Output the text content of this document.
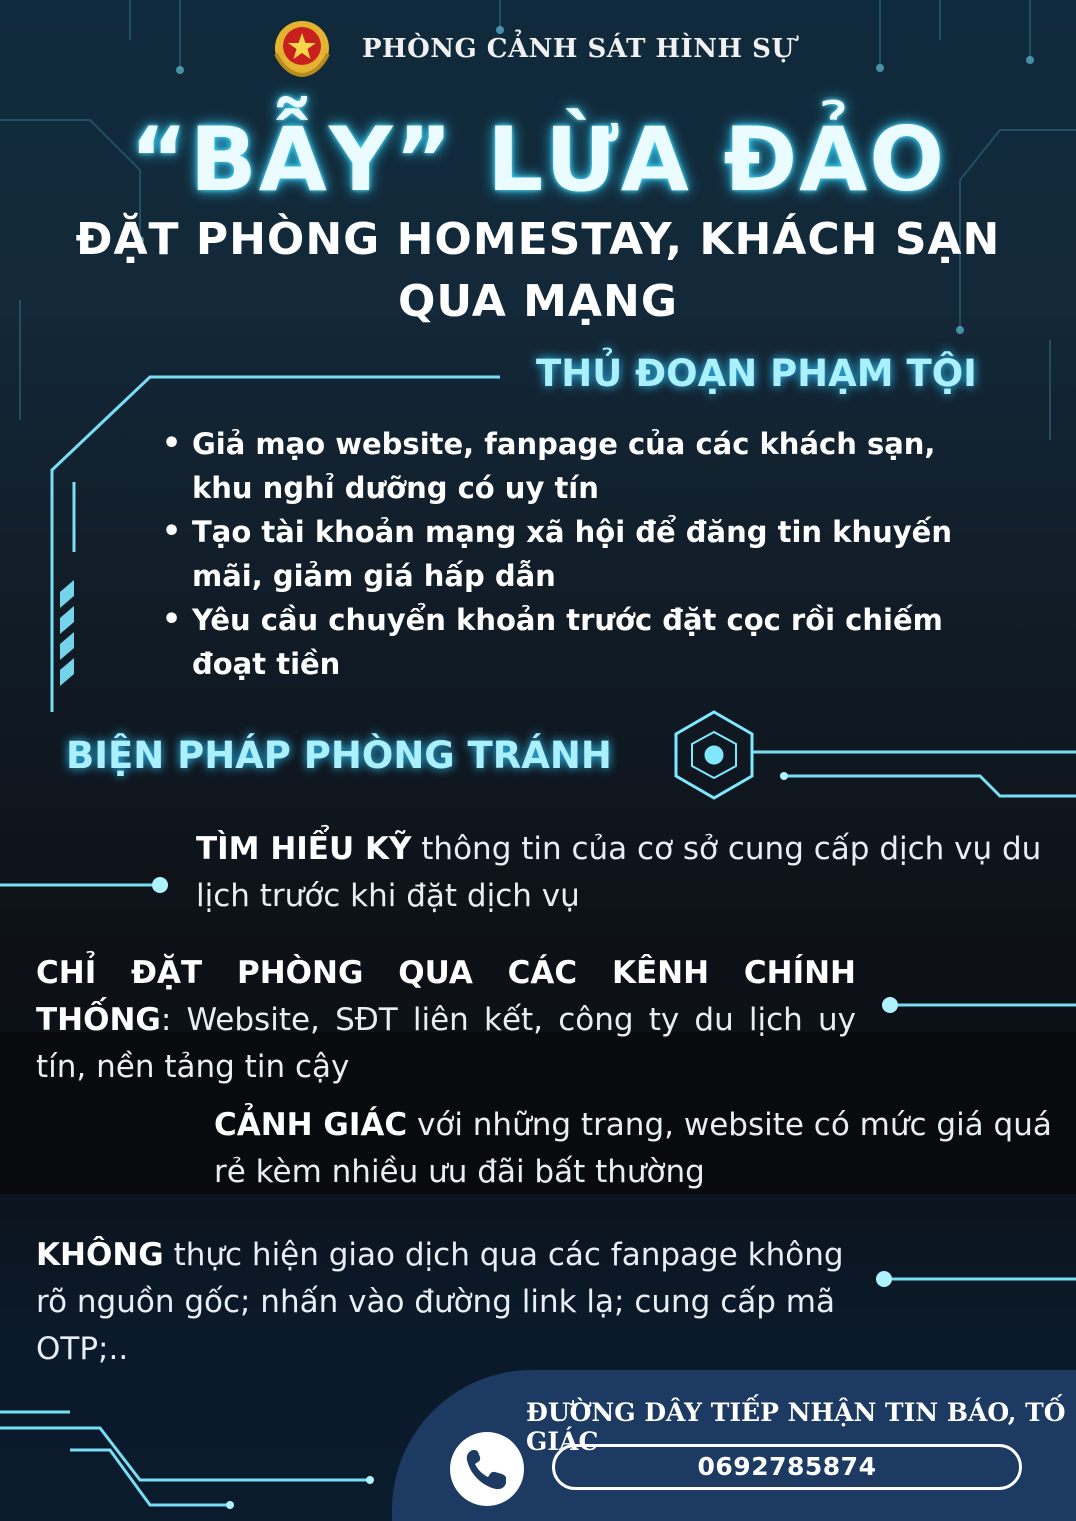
PHÒNG CẢNH SÁT HÌNH SỰ
“BẪY” LỪA ĐẢO
ĐẶT PHÒNG HOMESTAY, KHÁCH SẠN
QUA MẠNG
THỦ ĐOẠN PHẠM TỘI
• Giả mạo website, fanpage của các khách sạn, khu nghỉ dưỡng có uy tín
• Tạo tài khoản mạng xã hội để đăng tin khuyến mãi, giảm giá hấp dẫn
• Yêu cầu chuyển khoản trước đặt cọc rồi chiếm đoạt tiền
BIỆN PHÁP PHÒNG TRÁNH
TÌM HIỂU KỸ thông tin của cơ sở cung cấp dịch vụ du lịch trước khi đặt dịch vụ
CHỈ ĐẶT PHÒNG QUA CÁC KÊNH CHÍNH THỐNG: Website, SĐT liên kết, công ty du lịch uy tín, nền tảng tin cậy
CẢNH GIÁC với những trang, website có mức giá quá rẻ kèm nhiều ưu đãi bất thường
KHÔNG thực hiện giao dịch qua các fanpage không rõ nguồn gốc; nhấn vào đường link lạ; cung cấp mã OTP;..
ĐƯỜNG DÂY TIẾP NHẬN TIN BÁO, TỐ GIÁC
0692785874
